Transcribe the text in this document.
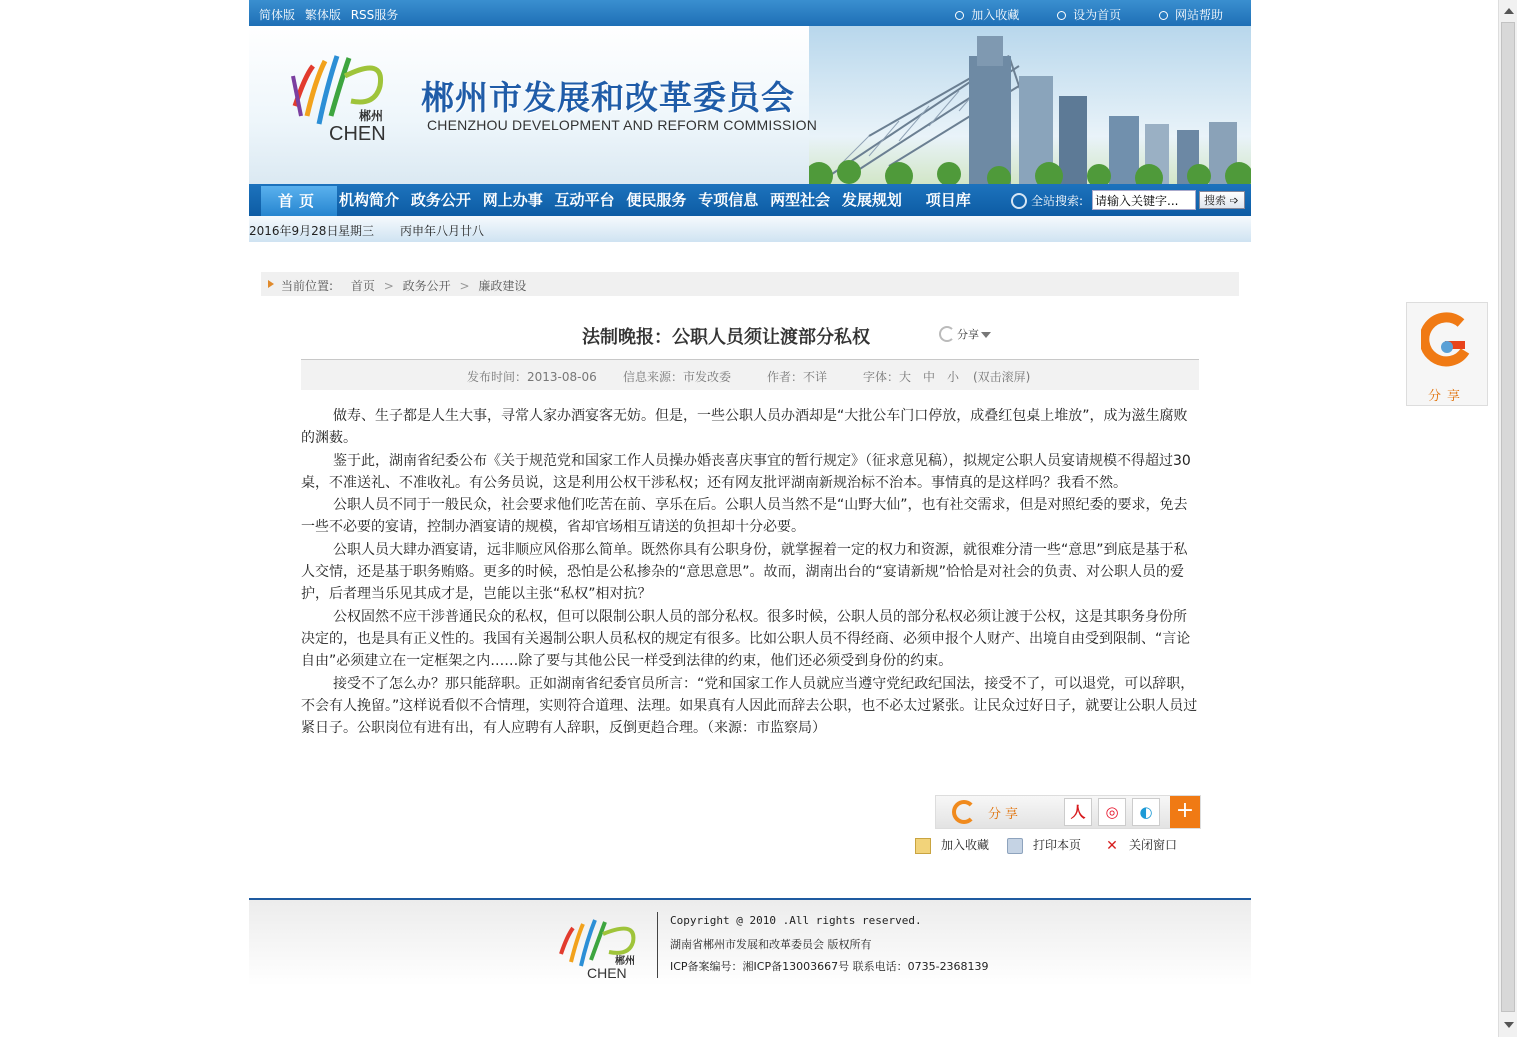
简体版 繁体版 RSS服务	加入收藏	设为首页	网站帮助
郴州
CHEN
郴州市发展和改革委员会
CHENZHOU DEVELOPMENT AND REFORM COMMISSION
首页	机构简介 政务公开 网上办事 互动平台 便民服务 专项信息 两型社会 发展规划 项目库	全站搜索:
请输入关键字...	搜索 ➩
2016年9月28日 星期三 丙申年八月廿八
当前位置: 首页 > 政务公开 > 廉政建设
法制晚报：公职人员须让渡部分私权	分享
发布时间：2013-08-06 信息来源：市发改委	作者：不详	字体： 大 中 小 (双击滚屏)

做寿、生子都是人生大事，寻常人家办酒宴客无妨。但是，一些公职人员办酒却是“大批公车门口停放，成叠红包桌上堆放”，成为滋生腐败的渊薮。

鉴于此，湖南省纪委公布《关于规范党和国家工作人员操办婚丧喜庆事宜的暂行规定》（征求意见稿），拟规定公职人员宴请规模不得超过30桌，不准送礼、不准收礼。有公务员说，这是利用公权干涉私权；还有网友批评湖南新规治标不治本。事情真的是这样吗？我看不然。

公职人员不同于一般民众，社会要求他们吃苦在前、享乐在后。公职人员当然不是“山野大仙”，也有社交需求，但是对照纪委的要求，免去一些不必要的宴请，控制办酒宴请的规模，省却官场相互请送的负担却十分必要。

公职人员大肆办酒宴请，远非顺应风俗那么简单。既然你具有公职身份，就掌握着一定的权力和资源，就很难分清一些“意思”到底是基于私人交情，还是基于职务贿赂。更多的时候，恐怕是公私掺杂的“意思意思”。故而，湖南出台的“宴请新规”恰恰是对社会的负责、对公职人员的爱护，后者理当乐见其成才是，岂能以主张“私权”相对抗？

公权固然不应干涉普通民众的私权，但可以限制公职人员的部分私权。很多时候，公职人员的部分私权必须让渡于公权，这是其职务身份所决定的，也是具有正义性的。我国有关遏制公职人员私权的规定有很多。比如公职人员不得经商、必须申报个人财产、出境自由受到限制、“言论自由”必须建立在一定框架之内……除了要与其他公民一样受到法律的约束，他们还必须受到身份的约束。

接受不了怎么办？那只能辞职。正如湖南省纪委官员所言：“党和国家工作人员就应当遵守党纪政纪国法，接受不了，可以退党，可以辞职，不会有人挽留。”这样说看似不合情理，实则符合道理、法理。如果真有人因此而辞去公职，也不必太过紧张。让民众过好日子，就要让公职人员过紧日子。公职岗位有进有出，有人应聘有人辞职，反倒更趋合理。（来源：市监察局）

分享	人	◎	◐	+
加入收藏	打印本页 ✕ 关闭窗口
郴州
CHEN
Copyright @ 2010 .All rights reserved.
湖南省郴州市发展和改革委员会 版权所有
ICP备案编号：湘ICP备13003667号 联系电话：0735-2368139
分享
